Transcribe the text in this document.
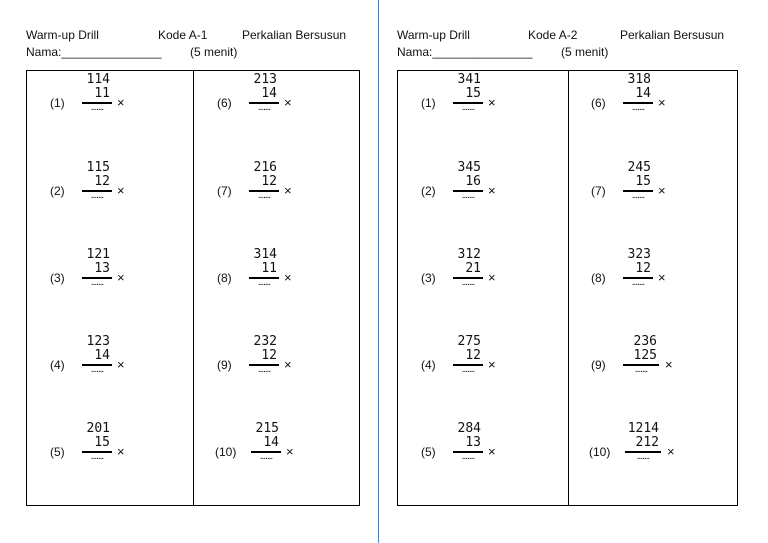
Warm-up Drill	Kode A-1	Perkalian Bersusun
Nama:_______________ (5 menit)
(1)
114
11
.......	×
(2)
115
12
.......	×
(3)
121
13
.......	×
(4)
123
14
.......	×
(5)
201
15
.......	×
(6)
213
14
.......	×
(7)
216
12
.......	×
(8)
314
11
.......	×
(9)
232
12
.......	×
(10)
215
14
.......	×
Warm-up Drill	Kode A-2	Perkalian Bersusun
Nama:_______________ (5 menit)
(1)
341
15
.......	×
(2)
345
16
.......	×
(3)
312
21
.......	×
(4)
275
12
.......	×
(5)
284
13
.......	×
(6)
318
14
.......	×
(7)
245
15
.......	×
(8)
323
12
.......	×
(9)
236
125
.......	×
(10)
1214
212
.......	×
